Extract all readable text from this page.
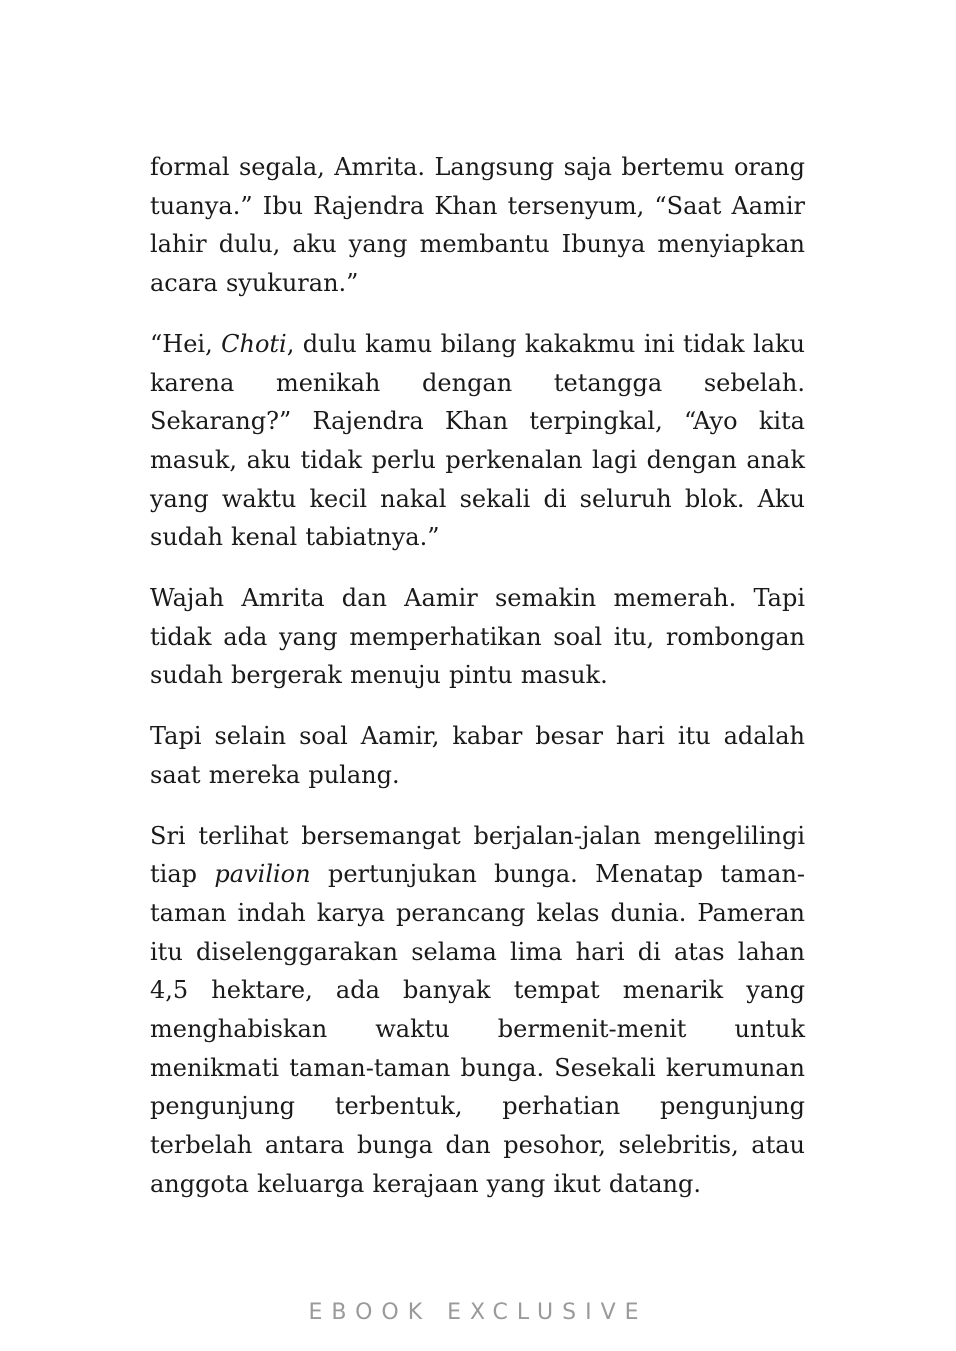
formal segala, Amrita. Langsung saja bertemu orang tuanya.” Ibu Rajendra Khan tersenyum, “Saat Aamir lahir dulu, aku yang membantu Ibunya menyiapkan acara syukuran.”

“Hei, Choti, dulu kamu bilang kakakmu ini tidak laku karena menikah dengan tetangga sebelah. Sekarang?” Rajendra Khan terpingkal, “Ayo kita masuk, aku tidak perlu perkenalan lagi dengan anak yang waktu kecil nakal sekali di seluruh blok. Aku sudah kenal tabiatnya.”

Wajah Amrita dan Aamir semakin memerah. Tapi tidak ada yang memperhatikan soal itu, rombongan sudah bergerak menuju pintu masuk.

Tapi selain soal Aamir, kabar besar hari itu adalah saat mereka pulang.

Sri terlihat bersemangat berjalan-jalan mengelilingi tiap pavilion pertunjukan bunga. Menatap taman-taman indah karya perancang kelas dunia. Pameran itu diselenggarakan selama lima hari di atas lahan 4,5 hektare, ada banyak tempat menarik yang menghabiskan waktu bermenit-menit untuk menikmati taman-taman bunga. Sesekali kerumunan pengunjung terbentuk, perhatian pengunjung terbelah antara bunga dan pesohor, selebritis, atau anggota keluarga kerajaan yang ikut datang.

EBOOK EXCLUSIVE
